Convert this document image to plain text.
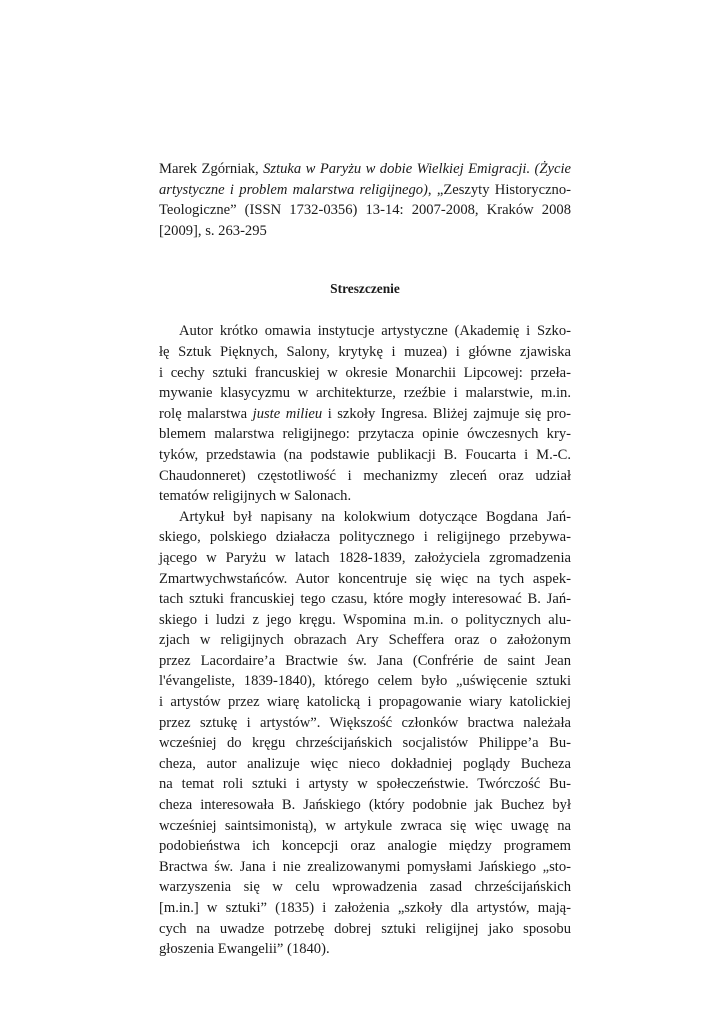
Marek Zgórniak, Sztuka w Paryżu w dobie Wielkiej Emigracji. (Życie
artystyczne i problem malarstwa religijnego), „Zeszyty Historyczno-
Teologiczne” (ISSN 1732-0356) 13-14: 2007-2008, Kraków 2008
[2009], s. 263-295
Streszczenie
Autor krótko omawia instytucje artystyczne (Akademię i Szko-
łę Sztuk Pięknych, Salony, krytykę i muzea) i główne zjawiska
i cechy sztuki francuskiej w okresie Monarchii Lipcowej: przeła-
mywanie klasycyzmu w architekturze, rzeźbie i malarstwie, m.in.
rolę malarstwa juste milieu i szkoły Ingresa. Bliżej zajmuje się pro-
blemem malarstwa religijnego: przytacza opinie ówczesnych kry-
tyków, przedstawia (na podstawie publikacji B. Foucarta i M.-C.
Chaudonneret) częstotliwość i mechanizmy zleceń oraz udział
tematów religijnych w Salonach.
Artykuł był napisany na kolokwium dotyczące Bogdana Jań-
skiego, polskiego działacza politycznego i religijnego przebywa-
jącego w Paryżu w latach 1828-1839, założyciela zgromadzenia
Zmartwychwstańców. Autor koncentruje się więc na tych aspek-
tach sztuki francuskiej tego czasu, które mogły interesować B. Jań-
skiego i ludzi z jego kręgu. Wspomina m.in. o politycznych alu-
zjach w religijnych obrazach Ary Scheffera oraz o założonym
przez Lacordaire’a Bractwie św. Jana (Confrérie de saint Jean
l'évangeliste, 1839-1840), którego celem było „uświęcenie sztuki
i artystów przez wiarę katolicką i propagowanie wiary katolickiej
przez sztukę i artystów”. Większość członków bractwa należała
wcześniej do kręgu chrześcijańskich socjalistów Philippe’a Bu-
cheza, autor analizuje więc nieco dokładniej poglądy Bucheza
na temat roli sztuki i artysty w społeczeństwie. Twórczość Bu-
cheza interesowała B. Jańskiego (który podobnie jak Buchez był
wcześniej saintsimonistą), w artykule zwraca się więc uwagę na
podobieństwa ich koncepcji oraz analogie między programem
Bractwa św. Jana i nie zrealizowanymi pomysłami Jańskiego „sto-
warzyszenia się w celu wprowadzenia zasad chrześcijańskich
[m.in.] w sztuki” (1835) i założenia „szkoły dla artystów, mają-
cych na uwadze potrzebę dobrej sztuki religijnej jako sposobu
głoszenia Ewangelii” (1840).
